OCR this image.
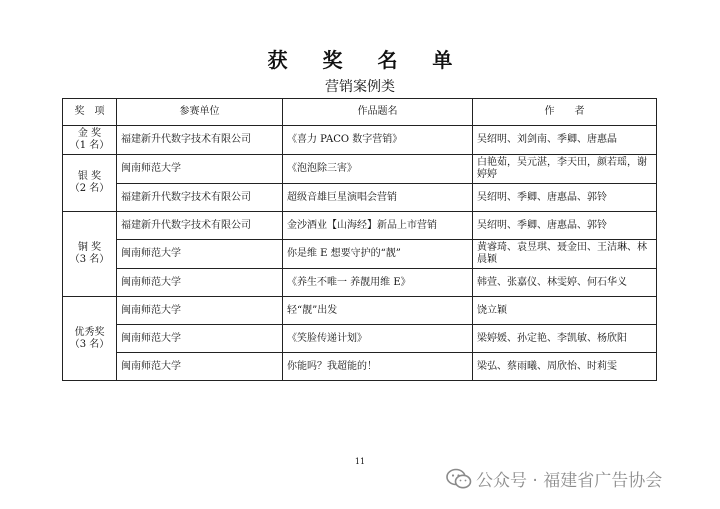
获 奖 名 单
营销案例类
奖　项	参赛单位	作品题名	作　　者

金 奖
（1 名）	福建新升代数字技术有限公司	《喜力 PACO 数字营销》	吴绍明、刘剑南、季卿、唐惠晶

银 奖
（2 名）	闽南师范大学	《泡泡除三害》	白艳茹，吴元湛，李天田，颜若瑶，谢婷婷
	福建新升代数字技术有限公司	超级音雄巨星演唱会营销	吴绍明、季卿、唐惠晶、郭铃

铜 奖
（3 名）	福建新升代数字技术有限公司	金沙酒业【山海经】新品上市营销	吴绍明、季卿、唐惠晶、郭铃
	闽南师范大学	你是维 E 想要守护的“靓”	黄睿琦、袁昱琪、聂金田、王洁琳、林晨颖
	闽南师范大学	《养生不唯一 养靓用维 E》	韩萱、张嘉仪、林雯婷、何石华义

优秀奖
（3 名）	闽南师范大学	轻“靓”出发	饶立颖
	闽南师范大学	《笑脸传递计划》	梁婷媛、孙定艳、李凯敏、杨欣阳
	闽南师范大学	你能吗？我超能的！	梁弘、蔡雨曦、周欣怡、时莉雯
11
公众号 · 福建省广告协会
